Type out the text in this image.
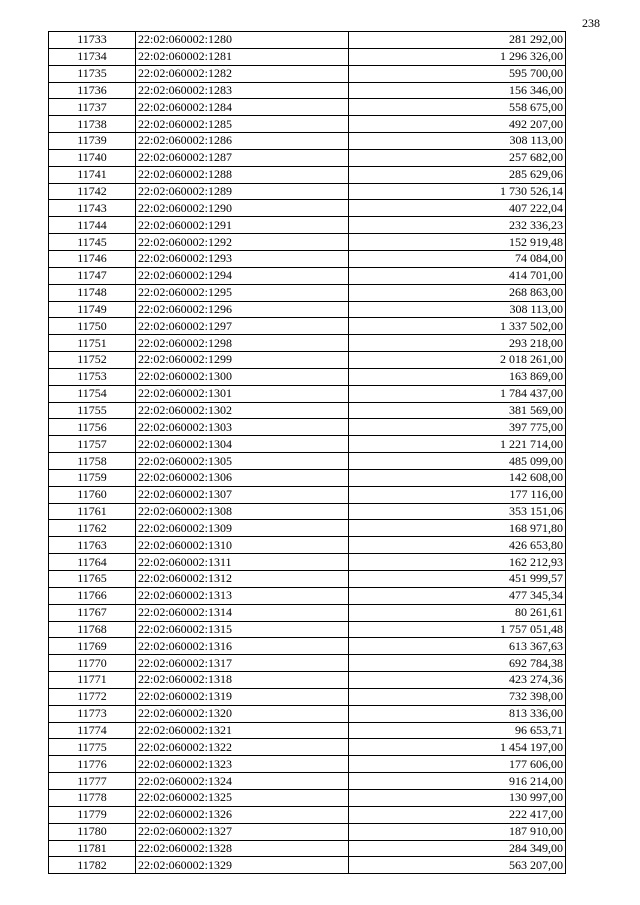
238
11733	22:02:060002:1280	281 292,00
11734	22:02:060002:1281	1 296 326,00
11735	22:02:060002:1282	595 700,00
11736	22:02:060002:1283	156 346,00
11737	22:02:060002:1284	558 675,00
11738	22:02:060002:1285	492 207,00
11739	22:02:060002:1286	308 113,00
11740	22:02:060002:1287	257 682,00
11741	22:02:060002:1288	285 629,06
11742	22:02:060002:1289	1 730 526,14
11743	22:02:060002:1290	407 222,04
11744	22:02:060002:1291	232 336,23
11745	22:02:060002:1292	152 919,48
11746	22:02:060002:1293	74 084,00
11747	22:02:060002:1294	414 701,00
11748	22:02:060002:1295	268 863,00
11749	22:02:060002:1296	308 113,00
11750	22:02:060002:1297	1 337 502,00
11751	22:02:060002:1298	293 218,00
11752	22:02:060002:1299	2 018 261,00
11753	22:02:060002:1300	163 869,00
11754	22:02:060002:1301	1 784 437,00
11755	22:02:060002:1302	381 569,00
11756	22:02:060002:1303	397 775,00
11757	22:02:060002:1304	1 221 714,00
11758	22:02:060002:1305	485 099,00
11759	22:02:060002:1306	142 608,00
11760	22:02:060002:1307	177 116,00
11761	22:02:060002:1308	353 151,06
11762	22:02:060002:1309	168 971,80
11763	22:02:060002:1310	426 653,80
11764	22:02:060002:1311	162 212,93
11765	22:02:060002:1312	451 999,57
11766	22:02:060002:1313	477 345,34
11767	22:02:060002:1314	80 261,61
11768	22:02:060002:1315	1 757 051,48
11769	22:02:060002:1316	613 367,63
11770	22:02:060002:1317	692 784,38
11771	22:02:060002:1318	423 274,36
11772	22:02:060002:1319	732 398,00
11773	22:02:060002:1320	813 336,00
11774	22:02:060002:1321	96 653,71
11775	22:02:060002:1322	1 454 197,00
11776	22:02:060002:1323	177 606,00
11777	22:02:060002:1324	916 214,00
11778	22:02:060002:1325	130 997,00
11779	22:02:060002:1326	222 417,00
11780	22:02:060002:1327	187 910,00
11781	22:02:060002:1328	284 349,00
11782	22:02:060002:1329	563 207,00
